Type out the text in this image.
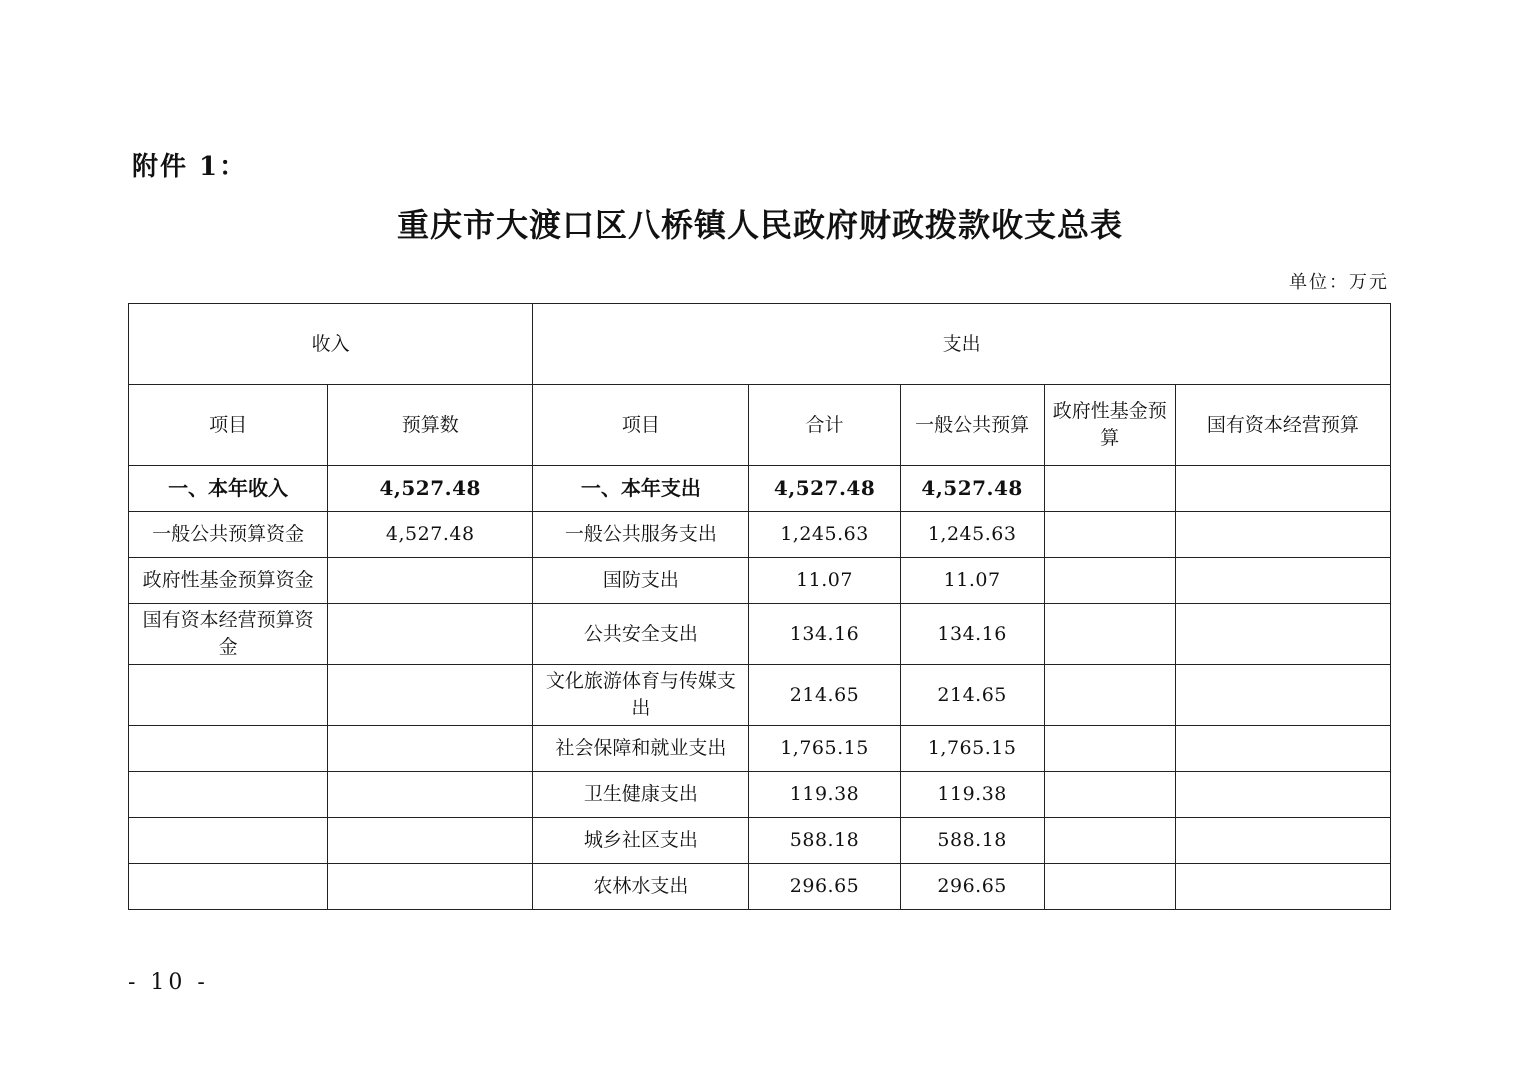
附件 1：
重庆市大渡口区八桥镇人民政府财政拨款收支总表
单位：万元
收入		支出				
项目	预算数	项目	合计	一般公共预算	政府性基金预算	国有资本经营预算
一、本年收入	4,527.48	一、本年支出	4,527.48	4,527.48		
一般公共预算资金	4,527.48	一般公共服务支出	1,245.63	1,245.63		
政府性基金预算资金		国防支出	11.07	11.07		
国有资本经营预算资金		公共安全支出	134.16	134.16		
		文化旅游体育与传媒支出	214.65	214.65		
		社会保障和就业支出	1,765.15	1,765.15		
		卫生健康支出	119.38	119.38		
		城乡社区支出	588.18	588.18		
		农林水支出	296.65	296.65		
- 10 -
